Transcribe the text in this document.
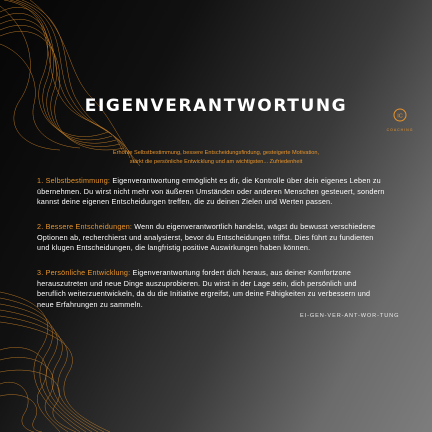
EIGENVERANTWORTUNG
IC
COACHING
Erhöhte Selbstbestimmung, bessere Entscheidungsfindung, gesteigerte Motivation,
stärkt die persönliche Entwicklung und am wichtigsten... Zufriedenheit
1. Selbstbestimmung: Eigenverantwortung ermöglicht es dir, die Kontrolle über dein eigenes Leben zu übernehmen. Du wirst nicht mehr von äußeren Umständen oder anderen Menschen gesteuert, sondern kannst deine eigenen Entscheidungen treffen, die zu deinen Zielen und Werten passen.
2. Bessere Entscheidungen: Wenn du eigenverantwortlich handelst, wägst du bewusst verschiedene Optionen ab, recherchierst und analysierst, bevor du Entscheidungen triffst. Dies führt zu fundierten und klugen Entscheidungen, die langfristig positive Auswirkungen haben können.
3. Persönliche Entwicklung: Eigenverantwortung fordert dich heraus, aus deiner Komfortzone herauszutreten und neue Dinge auszuprobieren. Du wirst in der Lage sein, dich persönlich und beruflich weiterzuentwickeln, da du die Initiative ergreifst, um deine Fähigkeiten zu verbessern und neue Erfahrungen zu sammeln.
EI-GEN-VER-ANT-WOR-TUNG
